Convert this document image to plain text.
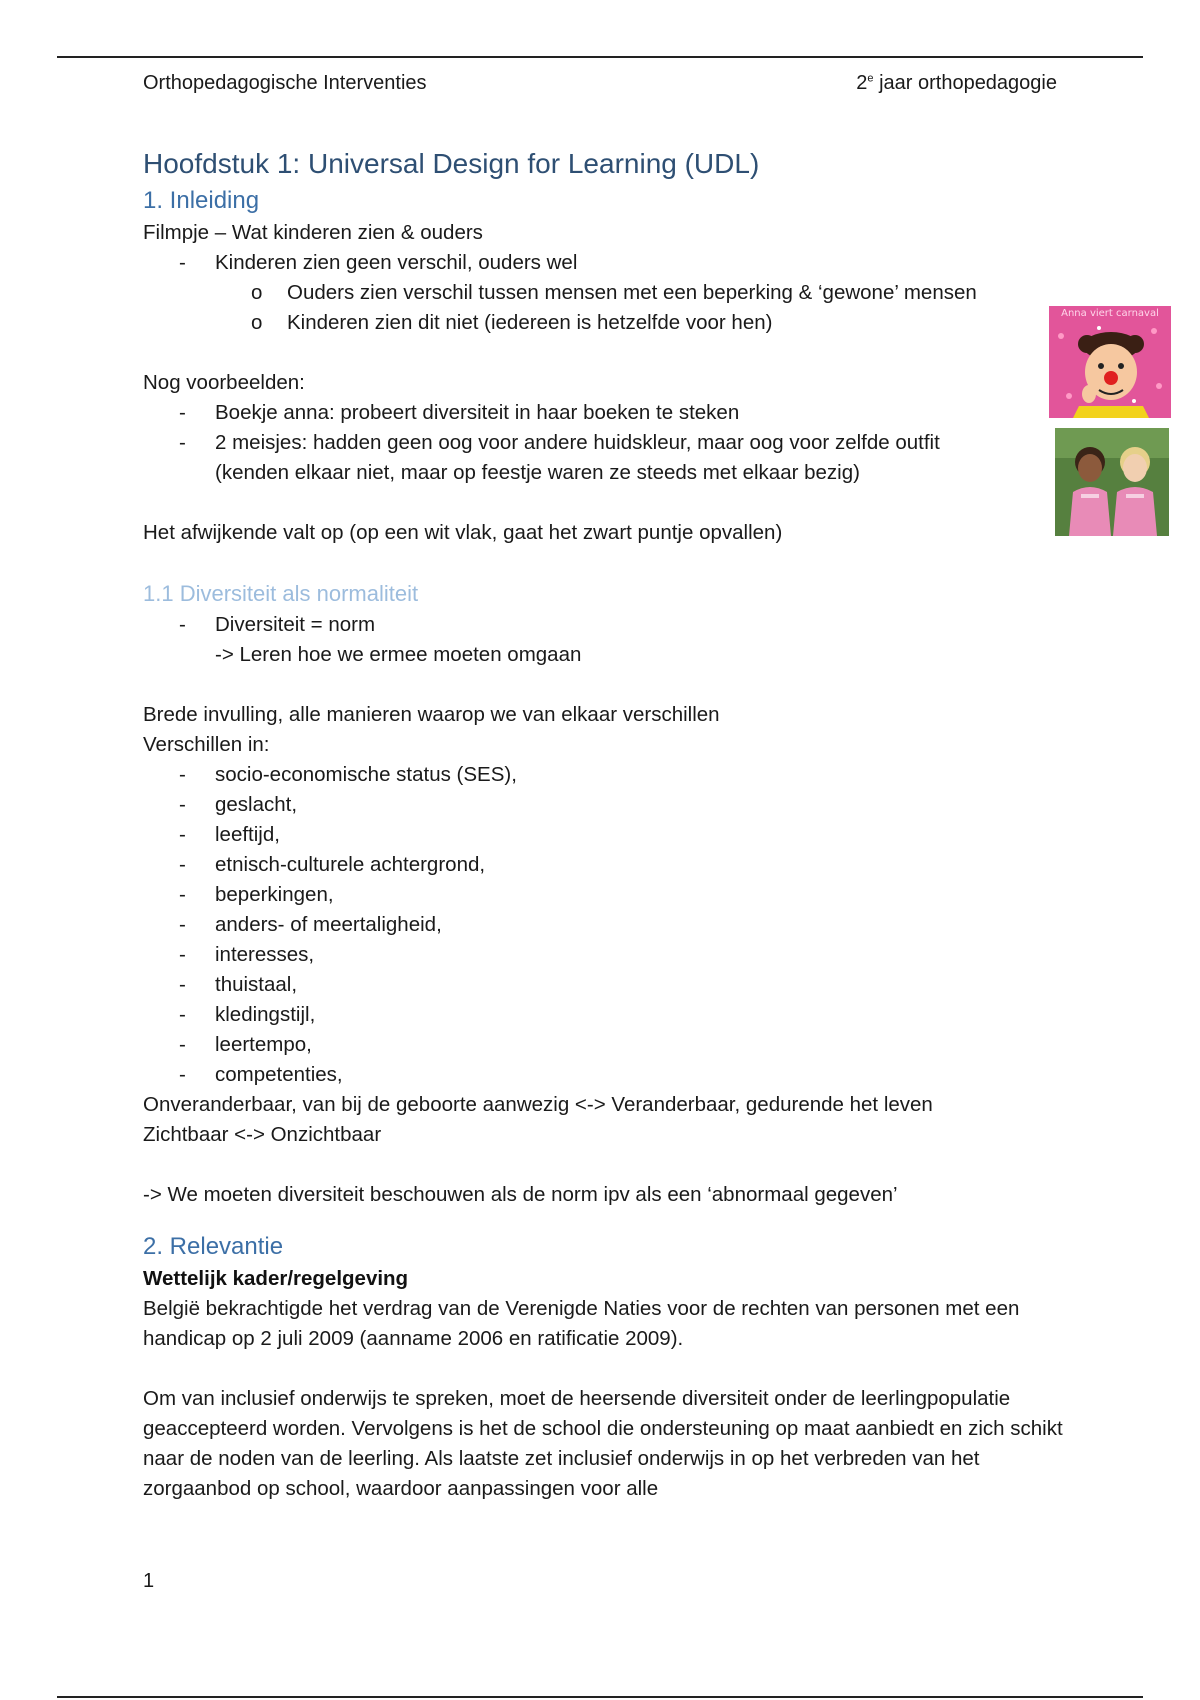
Orthopedagogische Interventies	2e jaar orthopedagogie
Hoofdstuk 1: Universal Design for Learning (UDL)
1. Inleiding

Filmpje – Wat kinderen zien & ouders

- Kinderen zien geen verschil, ouders wel
o Ouders zien verschil tussen mensen met een beperking & ‘gewone’ mensen
o Kinderen zien dit niet (iedereen is hetzelfde voor hen)

Nog voorbeelden:

- Boekje anna: probeert diversiteit in haar boeken te steken
- 2 meisjes: hadden geen oog voor andere huidskleur, maar oog voor zelfde outfit (kenden elkaar niet, maar op feestje waren ze steeds met elkaar bezig)

Het afwijkende valt op (op een wit vlak, gaat het zwart puntje opvallen)

1.1 Diversiteit als normaliteit
- Diversiteit = norm

-> Leren hoe we ermee moeten omgaan

Brede invulling, alle manieren waarop we van elkaar verschillen

Verschillen in:

- socio-economische status (SES),
- geslacht,
- leeftijd,
- etnisch-culturele achtergrond,
- beperkingen,
- anders- of meertaligheid,
- interesses,
- thuistaal,
- kledingstijl,
- leertempo,
- competenties,

Onveranderbaar, van bij de geboorte aanwezig <-> Veranderbaar, gedurende het leven

Zichtbaar <-> Onzichtbaar

-> We moeten diversiteit beschouwen als de norm ipv als een ‘abnormaal gegeven’

2. Relevantie
Wettelijk kader/regelgeving

België bekrachtigde het verdrag van de Verenigde Naties voor de rechten van personen met een handicap op 2 juli 2009 (aanname 2006 en ratificatie 2009).

Om van inclusief onderwijs te spreken, moet de heersende diversiteit onder de leerlingpopulatie geaccepteerd worden. Vervolgens is het de school die ondersteuning op maat aanbiedt en zich schikt naar de noden van de leerling. Als laatste zet inclusief onderwijs in op het verbreden van het zorgaanbod op school, waardoor aanpassingen voor alle

Anna viert carnaval
1
